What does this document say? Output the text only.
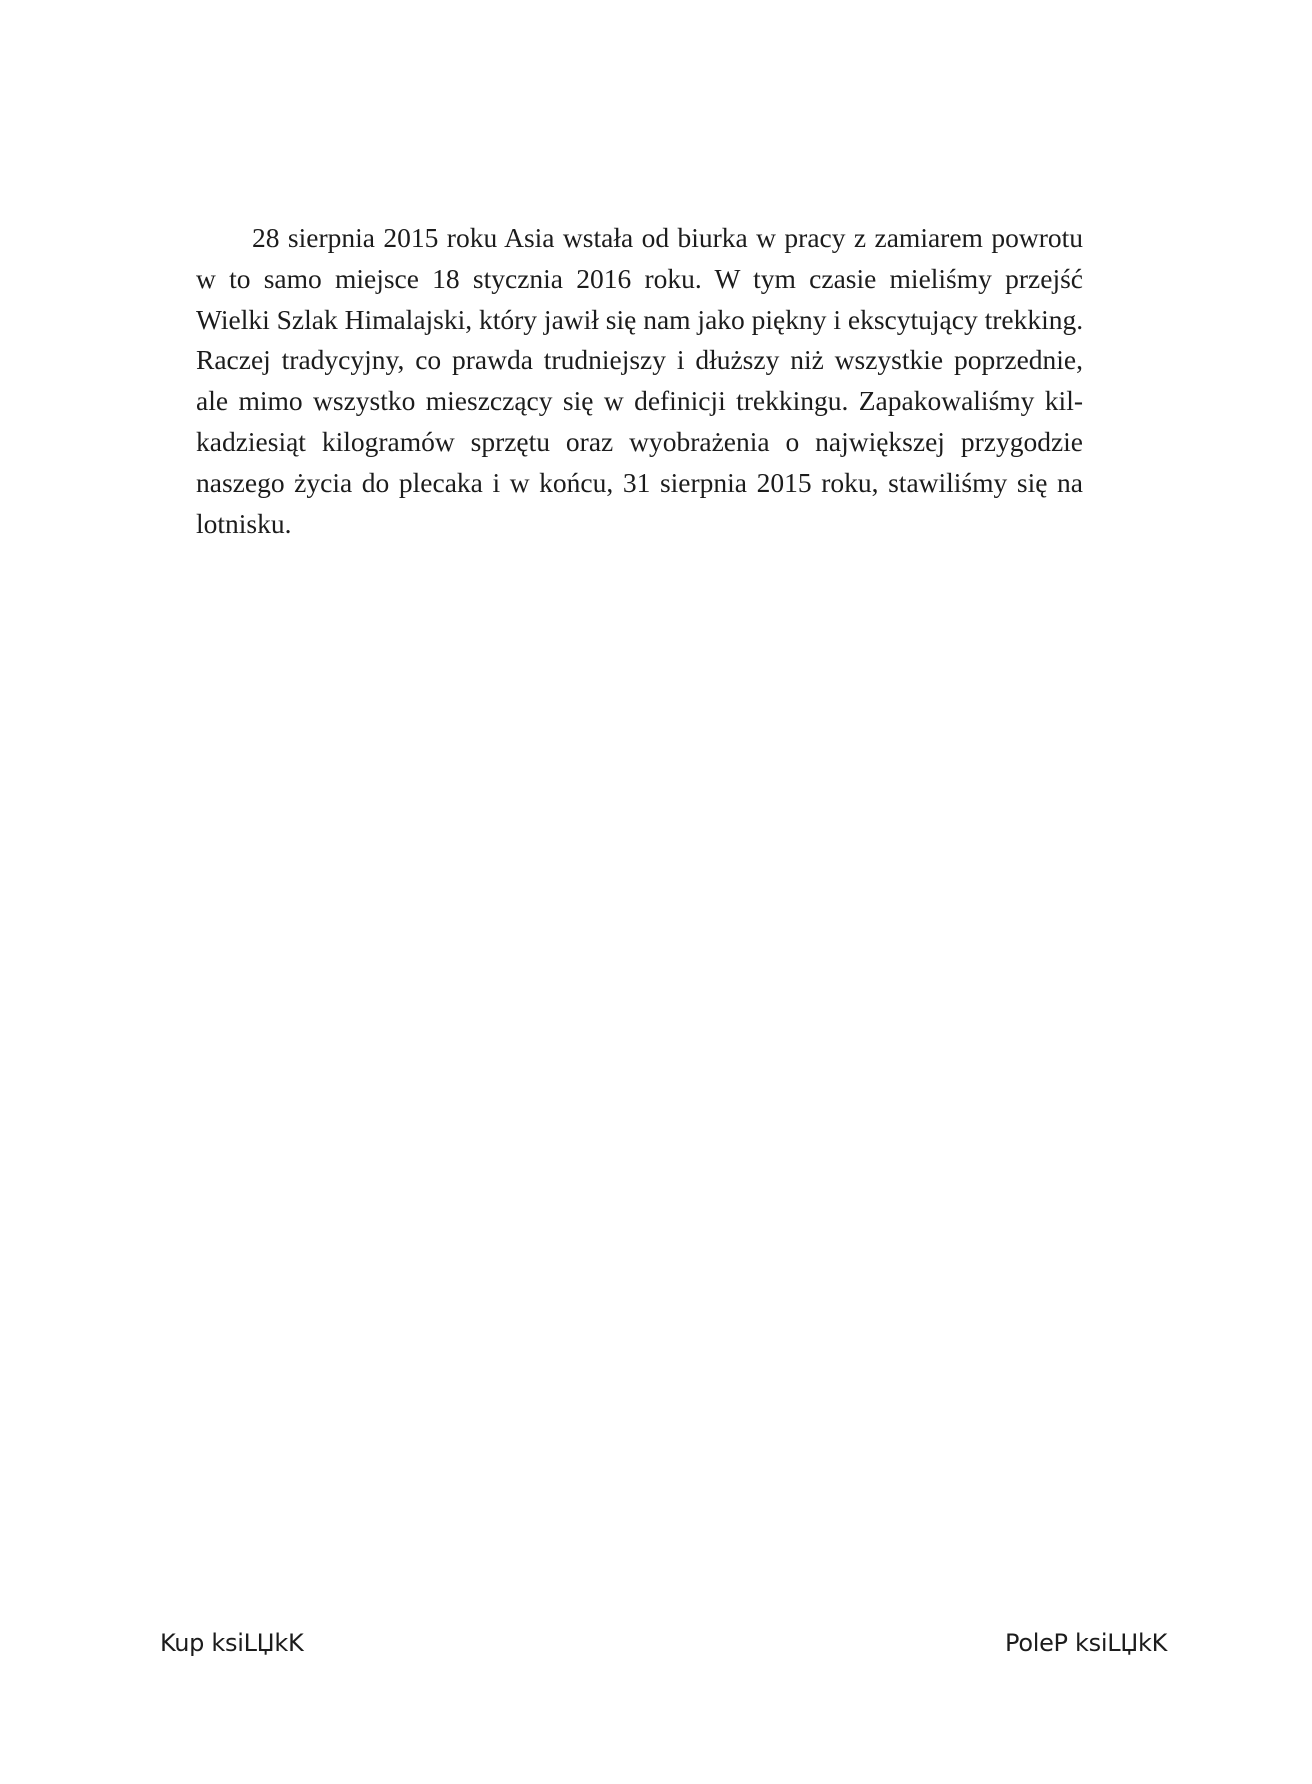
28 sierpnia 2015 roku Asia wstała od biurka w pracy z zamiarem powrotu
w to samo miejsce 18 stycznia 2016 roku. W tym czasie mieliśmy przejść
Wielki Szlak Himalajski, który jawił się nam jako piękny i ekscytujący trekking.
Raczej tradycyjny, co prawda trudniejszy i dłuższy niż wszystkie poprzednie,
ale mimo wszystko mieszczący się w definicji trekkingu. Zapakowaliśmy kil-
kadziesiąt kilogramów sprzętu oraz wyobrażenia o największej przygodzie
naszego życia do plecaka i w końcu, 31 sierpnia 2015 roku, stawiliśmy się na
lotnisku.

Kup ksiLЏkK	PoleP ksiLЏkK
